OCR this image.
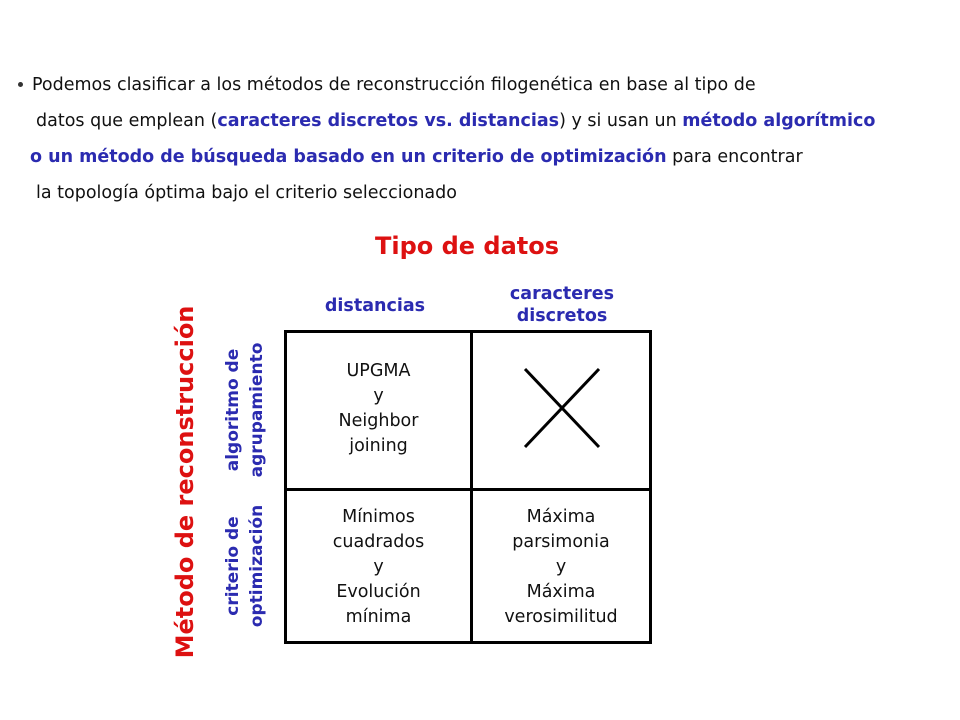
Podemos clasificar a los métodos de reconstrucción filogenética en base al tipo de
datos que emplean (caracteres discretos vs. distancias) y si usan un método algorítmico
o un método de búsqueda basado en un criterio de optimización para encontrar
la topología óptima bajo el criterio seleccionado
Tipo de datos
distancias
caracteres
discretos
Método de reconstrucción algoritmo de agrupamiento
criterio de optimización
UPGMA
y
Neighbor
joining
Mínimos
cuadrados
y
Evolución
mínima
Máxima
parsimonia
y
Máxima
verosimilitud
